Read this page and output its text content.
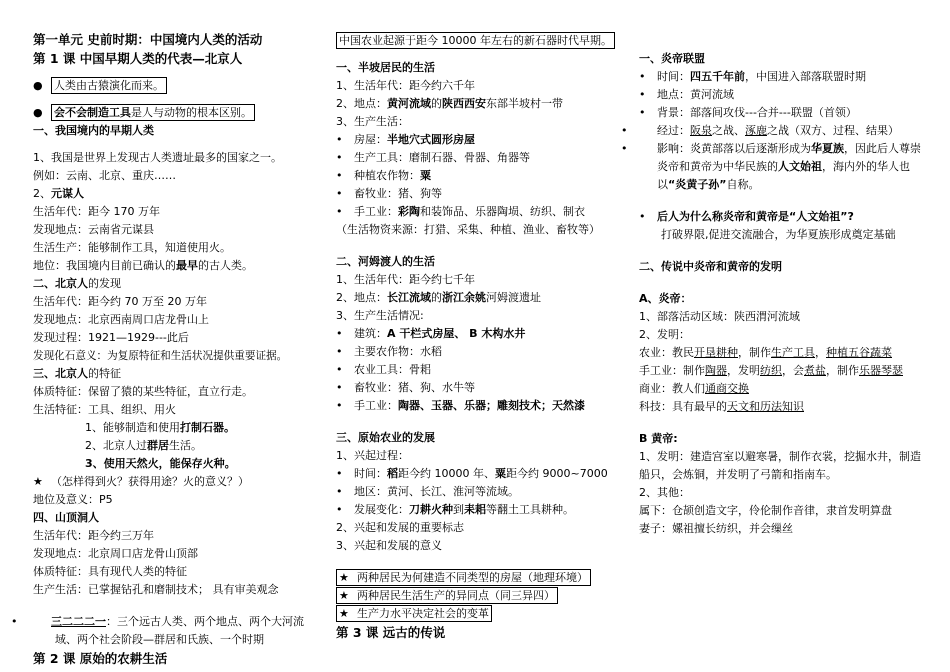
第一单元 史前时期：中国境内人类的活动
第 1 课 中国早期人类的代表—北京人
● 人类由古猿演化而来。
● 会不会制造工具是人与动物的根本区别。
一、我国境内的早期人类
1、我国是世界上发现古人类遗址最多的国家之一。
例如：云南、北京、重庆……
2、元谋人
生活年代：距今 170 万年
发现地点：云南省元谋县
生活生产：能够制作工具，知道使用火。
地位：我国境内目前已确认的最早的古人类。
二、北京人的发现
生活年代：距今约 70 万至 20 万年
发现地点：北京西南周口店龙骨山上
发现过程：1921—1929---此后
发现化石意义：为复原特征和生活状况提供重要证据。
三、北京人的特征
体质特征：保留了猿的某些特征，直立行走。
生活特征：工具、组织、用火
1、能够制造和使用打制石器。
2、北京人过群居生活。
3、使用天然火，能保存火种。
★ （怎样得到火？获得用途？火的意义？）
地位及意义：P5
四、山顶洞人
生活年代：距今约三万年
发现地点：北京周口店龙骨山顶部
体质特征：具有现代人类的特征
生产生活：已掌握钻孔和磨制技术； 具有审美观念
•	三二二二一：三个远古人类、两个地点、两个大河流域、两个社会阶段—群居和氏族、一个时期
第 2 课 原始的农耕生活
中国农业起源于距今 10000 年左右的新石器时代早期。
一、半坡居民的生活
1、生活年代：距今约六千年
2、地点：黄河流域的陕西西安东部半坡村一带
3、生产生活：
• 房屋：半地穴式圆形房屋
• 生产工具：磨制石器、骨器、角器等
• 种植农作物：粟
• 畜牧业：猪、狗等
• 手工业：彩陶和装饰品、乐器陶埙、纺织、制衣
（生活物资来源：打猎、采集、种植、渔业、畜牧等）
二、河姆渡人的生活
1、生活年代：距今约七千年
2、地点：长江流域的浙江余姚河姆渡遗址
3、生产生活情况:
• 建筑：A 干栏式房屋、 B 木构水井
• 主要农作物：水稻
• 农业工具：骨耜
• 畜牧业：猪、狗、水牛等
• 手工业：陶器、玉器、乐器；雕刻技术；天然漆
三、原始农业的发展
1、兴起过程：
• 时间：稻距今约 10000 年、粟距今约 9000~7000
• 地区：黄河、长江、淮河等流域。
• 发展变化：刀耕火种到耒耜等翻土工具耕种。
2、兴起和发展的重要标志
3、兴起和发展的意义
★ 两种居民为何建造不同类型的房屋（地理环境）
★ 两种居民生活生产的异同点（同三异四）
★ 生产力水平决定社会的变革
第 3 课 远古的传说
一、炎帝联盟
• 时间：四五千年前，中国进入部落联盟时期
• 地点：黄河流域
• 背景：部落间攻伐---合并---联盟（首领）
•	经过：阪泉之战、涿鹿之战（双方、过程、结果）
•	影响：炎黄部落以后逐渐形成为华夏族，因此后人尊崇炎帝和黄帝为中华民族的人文始祖，海内外的华人也以“炎黄子孙”自称。
• 后人为什么称炎帝和黄帝是“人文始祖”?
打破界限,促进交流融合，为华夏族形成奠定基础
二、传说中炎帝和黄帝的发明
A、炎帝：
1、部落活动区域：陕西渭河流域
2、发明：
农业：教民开垦耕种，制作生产工具，种植五谷蔬菜
手工业：制作陶器，发明纺织，会煮盐，制作乐器琴瑟
商业：教人们通商交换
科技：具有最早的天文和历法知识
B 黄帝:
1、发明：建造宫室以避寒暑，制作衣裳，挖掘水井，制造船只，会炼铜，并发明了弓箭和指南车。
2、其他：
属下：仓颉创造文字，伶伦制作音律，隶首发明算盘
妻子：嫘祖擅长纺织，并会缫丝
